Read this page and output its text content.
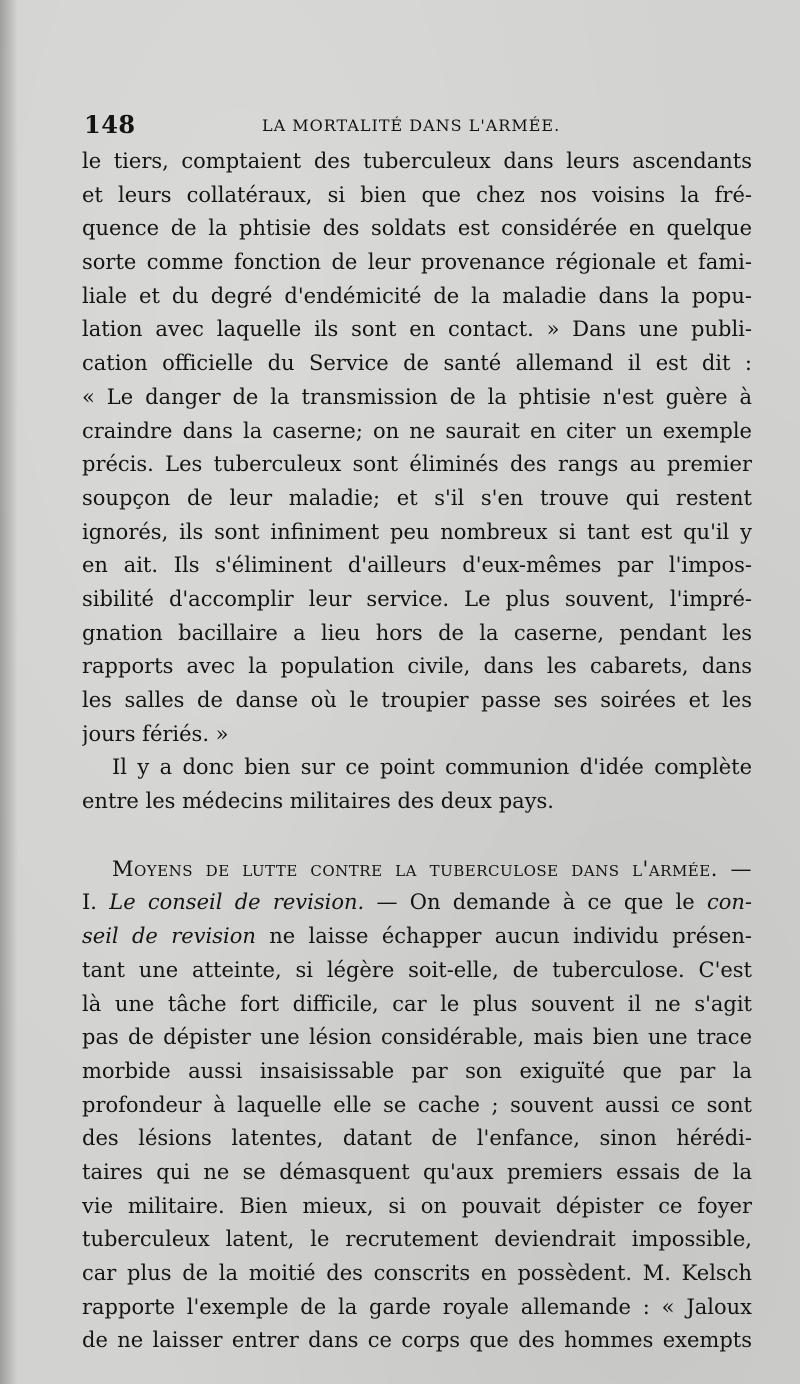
148	LA MORTALITÉ DANS L'ARMÉE.
le tiers, comptaient des tuberculeux dans leurs ascendants
et leurs collatéraux, si bien que chez nos voisins la fré-
quence de la phtisie des soldats est considérée en quelque
sorte comme fonction de leur provenance régionale et fami-
liale et du degré d'endémicité de la maladie dans la popu-
lation avec laquelle ils sont en contact. » Dans une publi-
cation officielle du Service de santé allemand il est dit :
« Le danger de la transmission de la phtisie n'est guère à
craindre dans la caserne; on ne saurait en citer un exemple
précis. Les tuberculeux sont éliminés des rangs au premier
soupçon de leur maladie; et s'il s'en trouve qui restent
ignorés, ils sont infiniment peu nombreux si tant est qu'il y
en ait. Ils s'éliminent d'ailleurs d'eux-mêmes par l'impos-
sibilité d'accomplir leur service. Le plus souvent, l'impré-
gnation bacillaire a lieu hors de la caserne, pendant les
rapports avec la population civile, dans les cabarets, dans
les salles de danse où le troupier passe ses soirées et les
jours fériés. »
Il y a donc bien sur ce point communion d'idée complète
entre les médecins militaires des deux pays.
Moyens de lutte contre la tuberculose dans l'armée. —
I. Le conseil de revision. — On demande à ce que le con-
seil de revision ne laisse échapper aucun individu présen-
tant une atteinte, si légère soit-elle, de tuberculose. C'est
là une tâche fort difficile, car le plus souvent il ne s'agit
pas de dépister une lésion considérable, mais bien une trace
morbide aussi insaisissable par son exiguïté que par la
profondeur à laquelle elle se cache ; souvent aussi ce sont
des lésions latentes, datant de l'enfance, sinon hérédi-
taires qui ne se démasquent qu'aux premiers essais de la
vie militaire. Bien mieux, si on pouvait dépister ce foyer
tuberculeux latent, le recrutement deviendrait impossible,
car plus de la moitié des conscrits en possèdent. M. Kelsch
rapporte l'exemple de la garde royale allemande : « Jaloux
de ne laisser entrer dans ce corps que des hommes exempts
